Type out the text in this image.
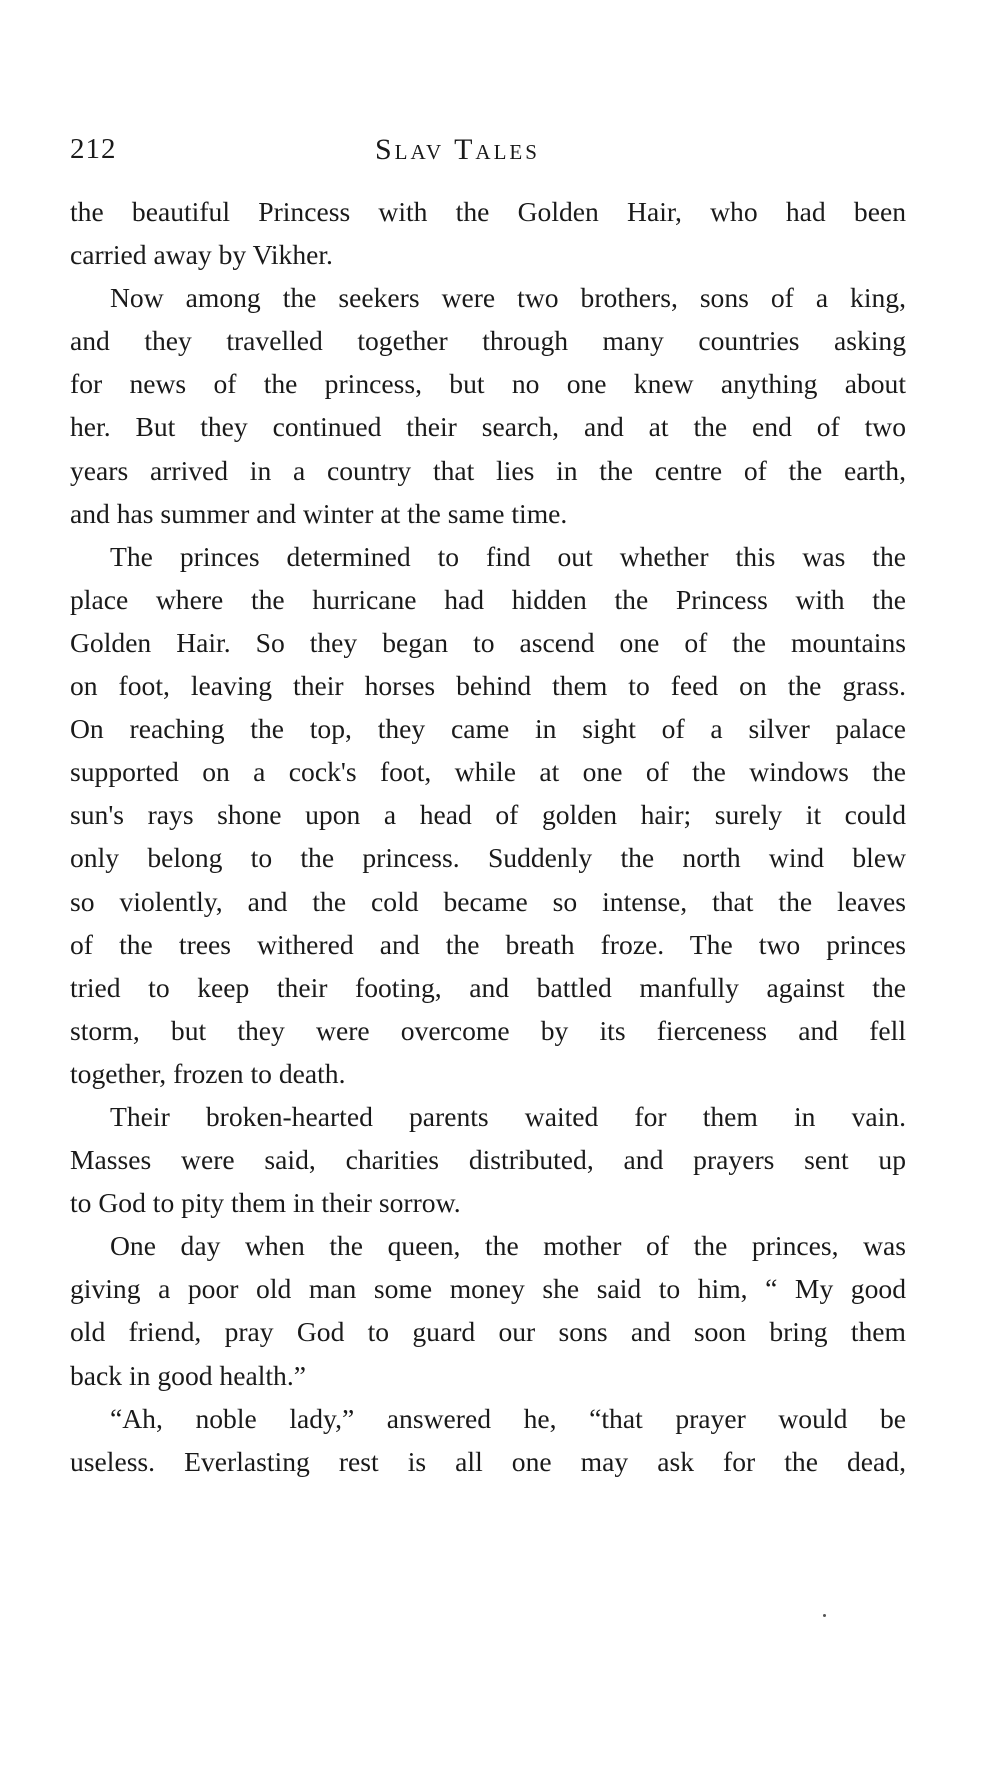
212	Slav Tales
the beautiful Princess with the Golden Hair, who had been
carried away by Vikher.
Now among the seekers were two brothers, sons of a king,
and they travelled together through many countries asking
for news of the princess, but no one knew anything about
her. But they continued their search, and at the end of two
years arrived in a country that lies in the centre of the earth,
and has summer and winter at the same time.
The princes determined to find out whether this was the
place where the hurricane had hidden the Princess with the
Golden Hair. So they began to ascend one of the mountains
on foot, leaving their horses behind them to feed on the grass.
On reaching the top, they came in sight of a silver palace
supported on a cock's foot, while at one of the windows the
sun's rays shone upon a head of golden hair; surely it could
only belong to the princess. Suddenly the north wind blew
so violently, and the cold became so intense, that the leaves
of the trees withered and the breath froze. The two princes
tried to keep their footing, and battled manfully against the
storm, but they were overcome by its fierceness and fell
together, frozen to death.
Their broken-hearted parents waited for them in vain.
Masses were said, charities distributed, and prayers sent up
to God to pity them in their sorrow.
One day when the queen, the mother of the princes, was
giving a poor old man some money she said to him, “ My good
old friend, pray God to guard our sons and soon bring them
back in good health.”
“Ah, noble lady,” answered he, “that prayer would be
useless. Everlasting rest is all one may ask for the dead,
